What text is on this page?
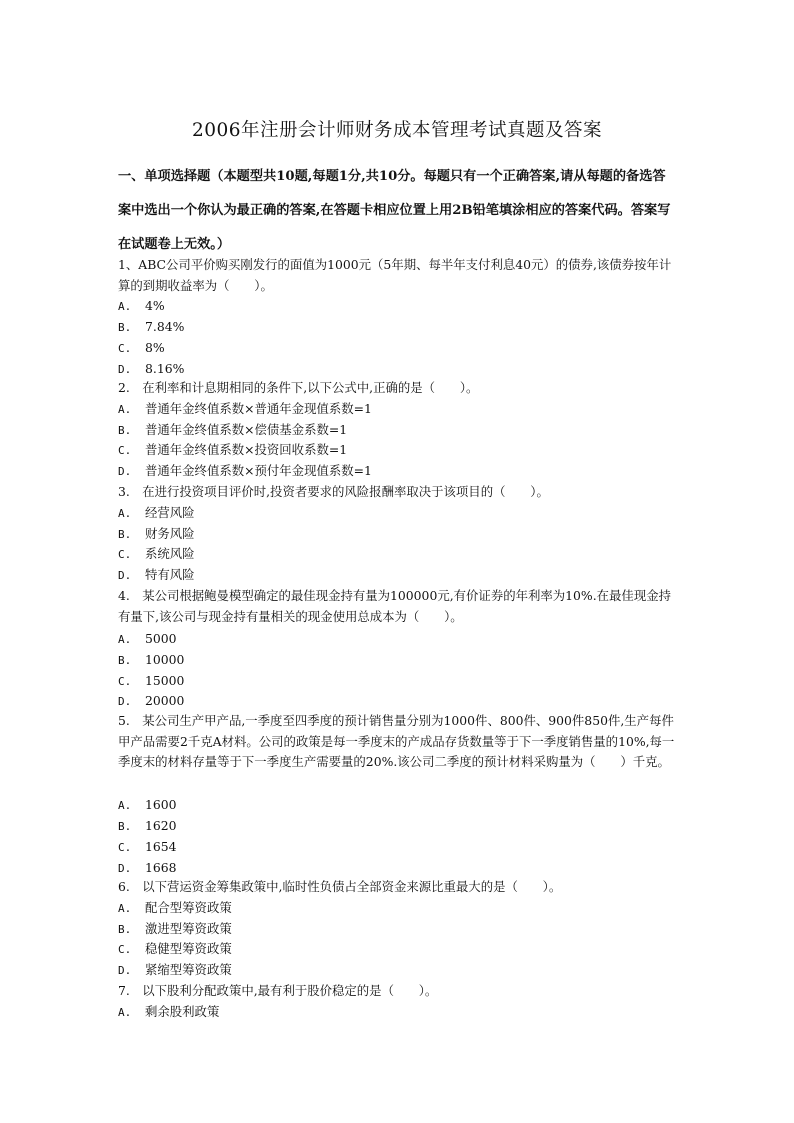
2006年注册会计师财务成本管理考试真题及答案
一、单项选择题（本题型共10题,每题1分,共10分。每题只有一个正确答案,请从每题的备选答案中选出一个你认为最正确的答案,在答题卡相应位置上用2B铅笔填涂相应的答案代码。答案写在试题卷上无效。）
1、ABC公司平价购买刚发行的面值为1000元（5年期、每半年支付利息40元）的债券,该债券按年计算的到期收益率为（　　）。
A. 4%
B. 7.84%
C. 8%
D. 8.16%
2.　在利率和计息期相同的条件下,以下公式中,正确的是（　　）。
A. 普通年金终值系数×普通年金现值系数=1
B. 普通年金终值系数×偿债基金系数=1
C. 普通年金终值系数×投资回收系数=1
D. 普通年金终值系数×预付年金现值系数=1
3.　在进行投资项目评价时,投资者要求的风险报酬率取决于该项目的（　　）。
A. 经营风险
B. 财务风险
C. 系统风险
D. 特有风险
4.　某公司根据鲍曼模型确定的最佳现金持有量为100000元,有价证券的年利率为10%.在最佳现金持有量下,该公司与现金持有量相关的现金使用总成本为（　　）。
A. 5000
B. 10000
C. 15000
D. 20000
5.　某公司生产甲产品,一季度至四季度的预计销售量分别为1000件、800件、900件850件,生产每件甲产品需要2千克A材料。公司的政策是每一季度末的产成品存货数量等于下一季度销售量的10%,每一季度末的材料存量等于下一季度生产需要量的20%.该公司二季度的预计材料采购量为（　　）千克。
A. 1600
B. 1620
C. 1654
D. 1668
6.　以下营运资金筹集政策中,临时性负债占全部资金来源比重最大的是（　　）。
A. 配合型筹资政策
B. 激进型筹资政策
C. 稳健型筹资政策
D. 紧缩型筹资政策
7.　以下股利分配政策中,最有利于股价稳定的是（　　）。
A. 剩余股利政策
